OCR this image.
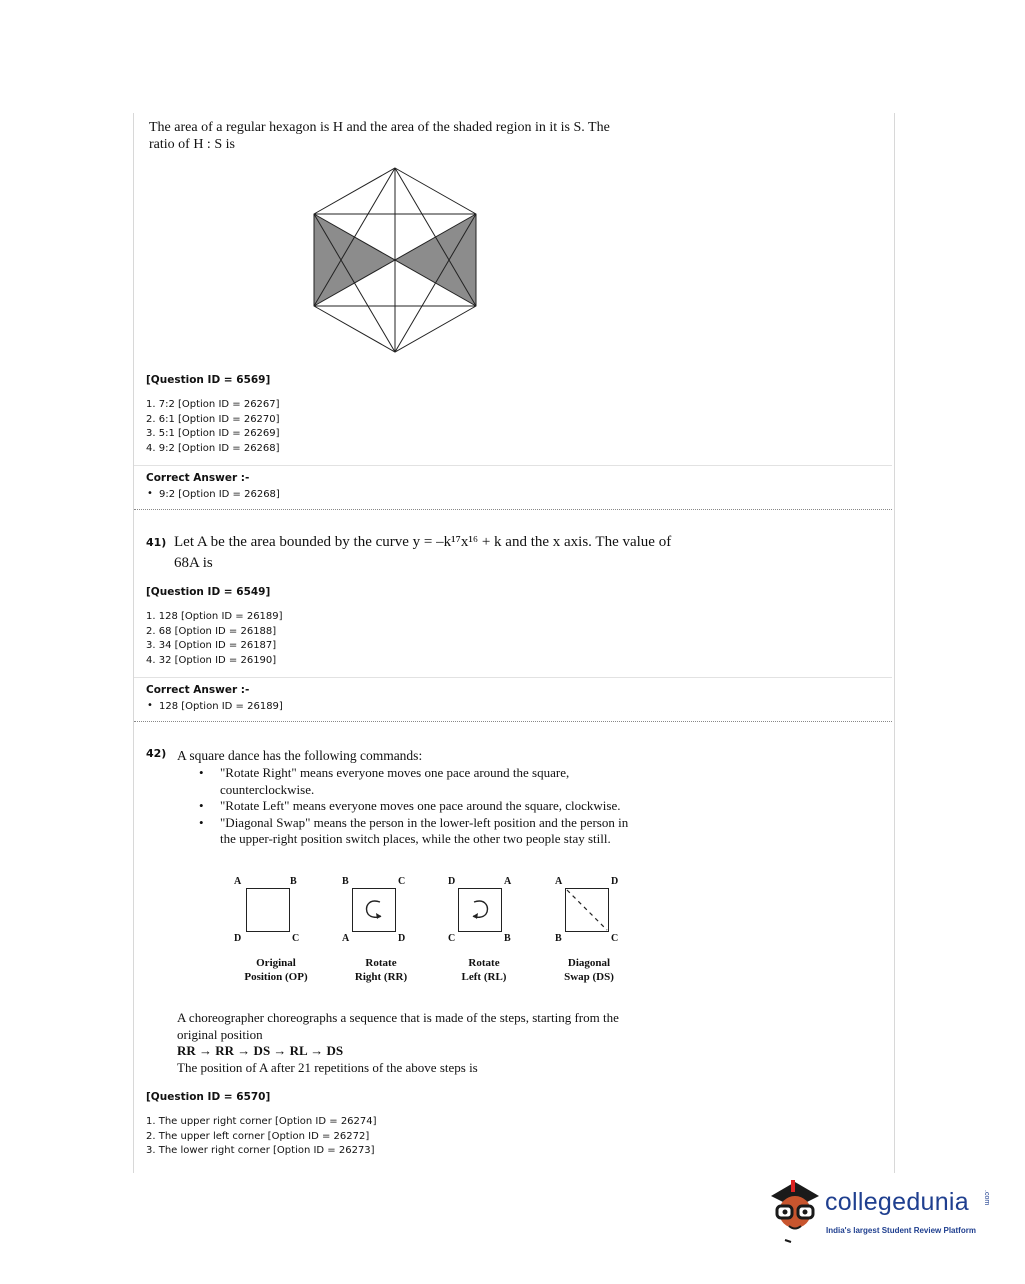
The area of a regular hexagon is H and the area of the shaded region in it is S. The
ratio of H : S is
[Question ID = 6569]
1. 7:2 [Option ID = 26267]
2. 6:1 [Option ID = 26270]
3. 5:1 [Option ID = 26269]
4. 9:2 [Option ID = 26268]
Correct Answer :-
• 9:2 [Option ID = 26268]
41) Let A be the area bounded by the curve y = –k¹⁷x¹⁶ + k and the x axis. The value of
68A is
[Question ID = 6549]
1. 128 [Option ID = 26189]
2. 68 [Option ID = 26188]
3. 34 [Option ID = 26187]
4. 32 [Option ID = 26190]
Correct Answer :-
• 128 [Option ID = 26189]
42) A square dance has the following commands:
• "Rotate Right" means everyone moves one pace around the square,
counterclockwise.
• "Rotate Left" means everyone moves one pace around the square, clockwise.
• "Diagonal Swap" means the person in the lower-left position and the person in
the upper-right position switch places, while the other two people stay still.
A	B
D	C
Original
Position (OP)
B	C
A	D
Rotate
Right (RR)
D	A
C	B
Rotate
Left (RL)
A	D
B	C
Diagonal
Swap (DS)
A choreographer choreographs a sequence that is made of the steps, starting from the
original position
RR → RR → DS → RL → DS
The position of A after 21 repetitions of the above steps is
[Question ID = 6570]
1. The upper right corner [Option ID = 26274]
2. The upper left corner [Option ID = 26272]
3. The lower right corner [Option ID = 26273]
collegedunia .com
India's largest Student Review Platform
